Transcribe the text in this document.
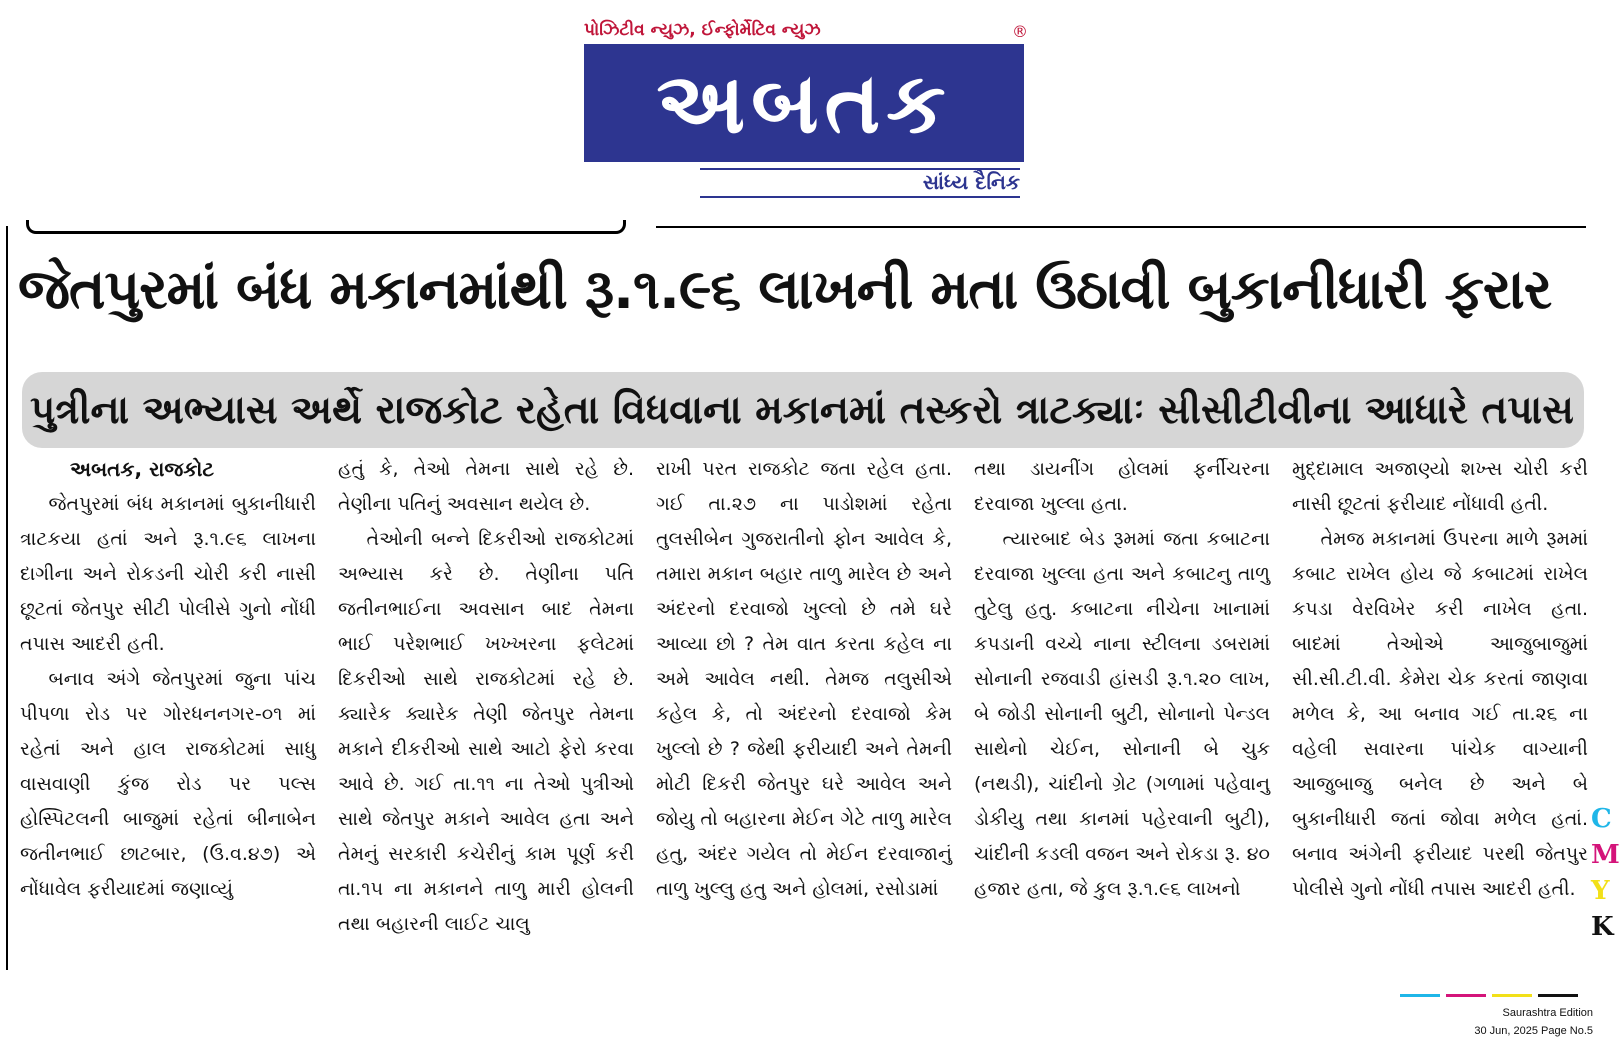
પોઝિટીવ ન્યુઝ, ઈન્ફોર્મેટિવ ન્યુઝ
અબતક
®
સાંધ્ય દૈનિક
જેતપુરમાં બંધ મકાનમાંથી રૂ.૧.૯૬ લાખની મતા ઉઠાવી બુકાનીધારી ફરાર
પુત્રીના અભ્યાસ અર્થે રાજકોટ રહેતા વિધવાના મકાનમાં તસ્કરો ત્રાટક્યાઃ સીસીટીવીના આધારે તપાસ

અબતક, રાજકોટ

જેતપુરમાં બંધ મકાનમાં બુકાનીધારી ત્રાટકયા હતાં અને રૂ.૧.૯૬ લાખના દાગીના અને રોકડની ચોરી કરી નાસી છૂટતાં જેતપુર સીટી પોલીસે ગુનો નોંધી તપાસ આદરી હતી.

બનાવ અંગે જેતપુરમાં જુના પાંચ પીપળા રોડ પર ગોરધનનગર-૦૧ માં રહેતાં અને હાલ રાજકોટમાં સાધુ વાસવાણી કુંજ રોડ પર પલ્સ હોસ્પિટલની બાજુમાં રહેતાં બીનાબેન જતીનભાઈ છાટબાર, (ઉ.વ.૪૭) એ નોંધાવેલ ફરીયાદમાં જણાવ્યું

હતું કે, તેઓ તેમના સાથે રહે છે. તેણીના પતિનું અવસાન થયેલ છે.

તેઓની બન્ને દિકરીઓ રાજકોટમાં અભ્યાસ કરે છે. તેણીના પતિ જતીનભાઈના અવસાન બાદ તેમના ભાઈ પરેશભાઈ ખખ્ખરના ફલેટમાં દિકરીઓ સાથે રાજકોટમાં રહે છે. ક્યારેક ક્યારેક તેણી જેતપુર તેમના મકાને દીકરીઓ સાથે આટો ફેરો કરવા આવે છે. ગઈ તા.૧૧ ના તેઓ પુત્રીઓ સાથે જેતપુર મકાને આવેલ હતા અને તેમનું સરકારી કચેરીનું કામ પૂર્ણ કરી તા.૧૫ ના મકાનને તાળુ મારી હોલની તથા બહારની લાઈટ ચાલુ

રાખી પરત રાજકોટ જતા રહેલ હતા. ગઈ તા.૨૭ ના પાડોશમાં રહેતા તુલસીબેન ગુજરાતીનો ફોન આવેલ કે, તમારા મકાન બહાર તાળુ મારેલ છે અને અંદરનો દરવાજો ખુલ્લો છે તમે ઘરે આવ્યા છો ? તેમ વાત કરતા કહેલ ના અમે આવેલ નથી. તેમજ તલુસીએ કહેલ કે, તો અંદરનો દરવાજો કેમ ખુલ્લો છે ? જેથી ફરીયાદી અને તેમની મોટી દિકરી જેતપુર ઘરે આવેલ અને જોયુ તો બહારના મેઈન ગેટે તાળુ મારેલ હતુ, અંદર ગયેલ તો મેઈન દરવાજાનું તાળુ ખુલ્લુ હતુ અને હોલમાં, રસોડામાં

તથા ડાયનીંગ હોલમાં ફર્નીચરના દરવાજા ખુલ્લા હતા.

ત્યારબાદ બેડ રૂમમાં જતા કબાટના દરવાજા ખુલ્લા હતા અને કબાટનુ તાળુ તુટેલુ હતુ. કબાટના નીચેના ખાનામાં કપડાની વચ્ચે નાના સ્ટીલના ડબરામાં સોનાની રજવાડી હાંસડી રૂ.૧.૨૦ લાખ, બે જોડી સોનાની બુટી, સોનાનો પેન્ડલ સાથેનો ચેઈન, સોનાની બે ચુક (નથડી), ચાંદીનો ગ્રેટ (ગળામાં પહેવાનુ ડોકીયુ તથા કાનમાં પહેરવાની બુટી), ચાંદીની કડલી વજન અને રોકડા રૂ. ૪૦ હજાર હતા, જે કુલ રૂ.૧.૯૬ લાખનો

મુદ્દામાલ અજાણ્યો શખ્સ ચોરી કરી નાસી છૂટતાં ફરીયાદ નોંધાવી હતી.

તેમજ મકાનમાં ઉપરના માળે રૂમમાં કબાટ રાખેલ હોય જે કબાટમાં રાખેલ કપડા વેરવિખેર કરી નાખેલ હતા. બાદમાં તેઓએ આજુબાજુમાં સી.સી.ટી.વી. કેમેરા ચેક કરતાં જાણવા મળેલ કે, આ બનાવ ગઈ તા.૨૬ ના વહેલી સવારના પાંચેક વાગ્યાની આજુબાજુ બનેલ છે અને બે બુકાનીધારી જતાં જોવા મળેલ હતાં. બનાવ અંગેની ફરીયાદ પરથી જેતપુર પોલીસે ગુનો નોંધી તપાસ આદરી હતી.

C
M
Y
K
Saurashtra Edition
30 Jun, 2025 Page No.5
